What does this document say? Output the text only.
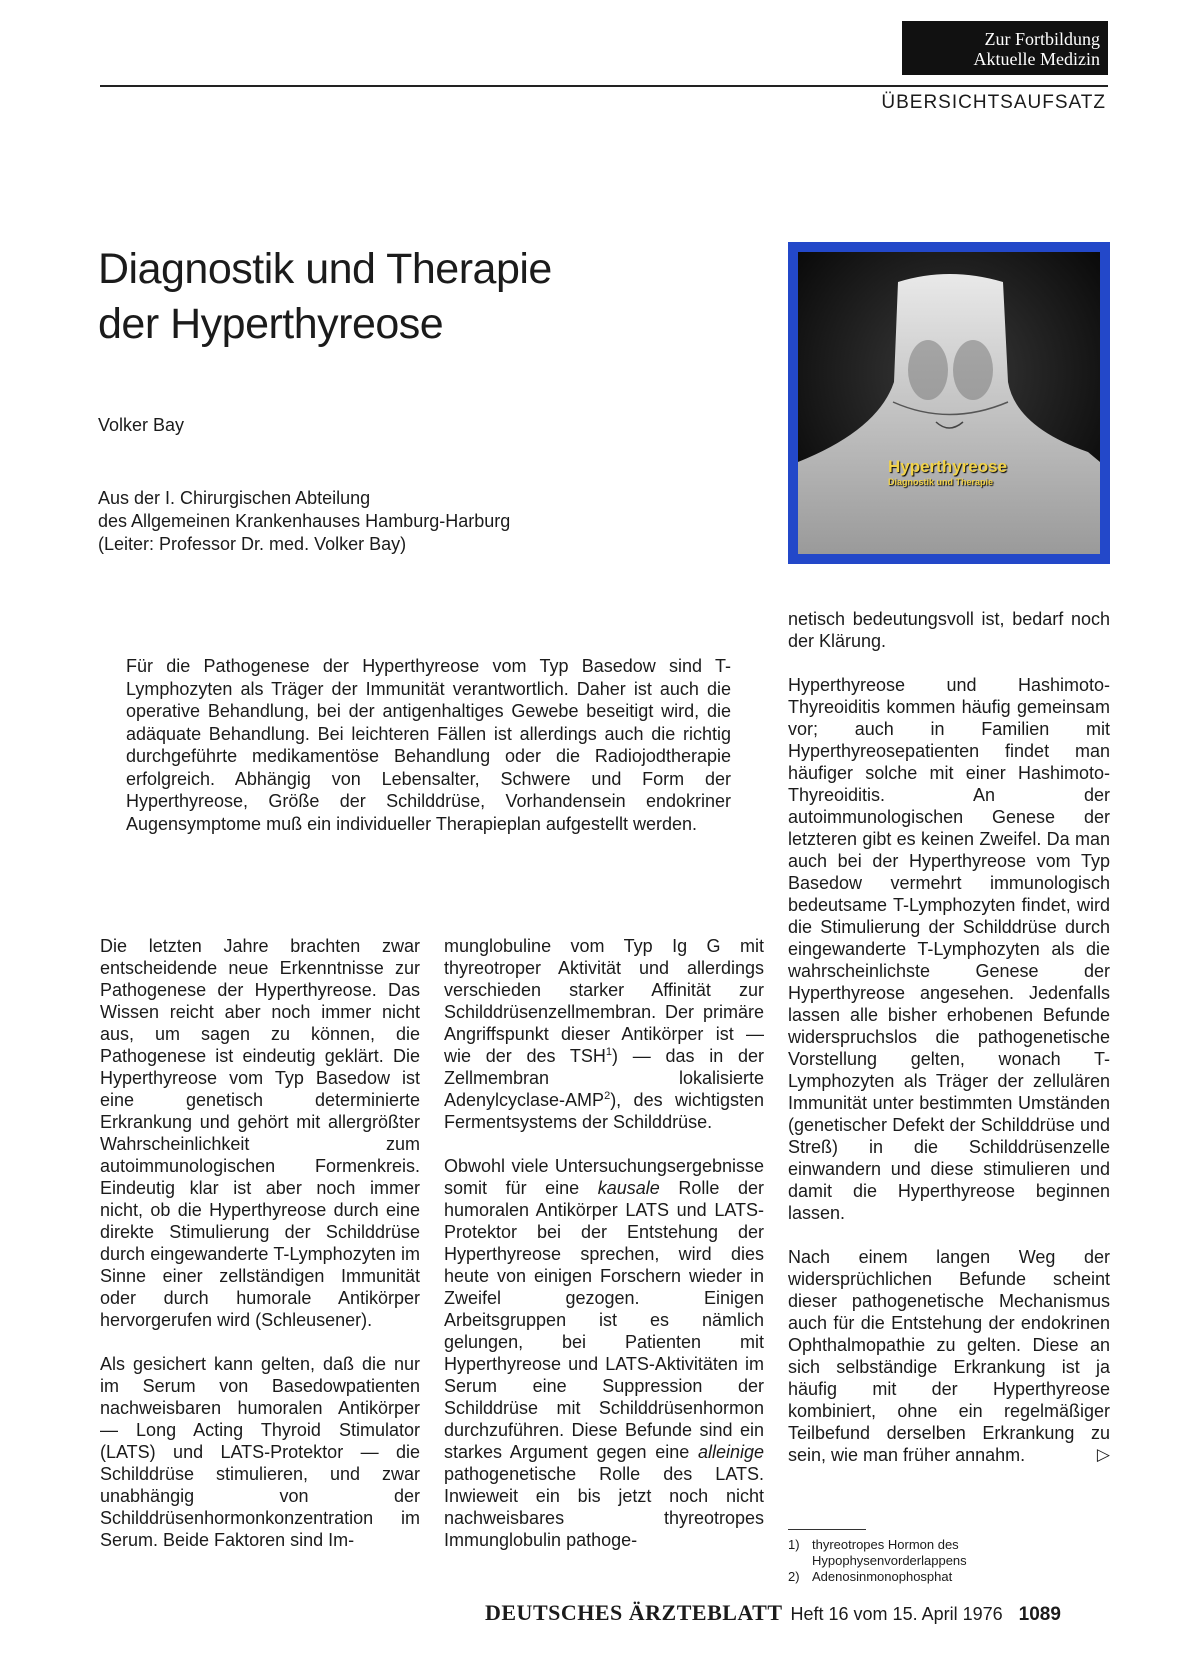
Zur Fortbildung
Aktuelle Medizin
ÜBERSICHTSAUFSATZ
Diagnostik und Therapie
der Hyperthyreose
Volker Bay
Aus der I. Chirurgischen Abteilung
des Allgemeinen Krankenhauses Hamburg-Harburg
(Leiter: Professor Dr. med. Volker Bay)
Hyperthyreose
Diagnostik und Therapie

Für die Pathogenese der Hyperthyreose vom Typ Basedow sind T-Lymphozyten als Träger der Immunität verantwortlich. Daher ist auch die operative Behandlung, bei der antigenhaltiges Gewebe beseitigt wird, die adäquate Behandlung. Bei leichteren Fällen ist allerdings auch die richtig durchgeführte medikamentöse Behandlung oder die Radiojodtherapie erfolgreich. Abhängig von Lebensalter, Schwere und Form der Hyperthyreose, Größe der Schilddrüse, Vorhandensein endokriner Augensymptome muß ein individueller Therapieplan aufgestellt werden.

Die letzten Jahre brachten zwar entscheidende neue Erkenntnisse zur Pathogenese der Hyperthyreose. Das Wissen reicht aber noch immer nicht aus, um sagen zu können, die Pathogenese ist eindeutig geklärt. Die Hyperthyreose vom Typ Basedow ist eine genetisch determinierte Erkrankung und gehört mit allergrößter Wahrscheinlichkeit zum autoimmunologischen Formenkreis. Eindeutig klar ist aber noch immer nicht, ob die Hyperthyreose durch eine direkte Stimulierung der Schilddrüse durch eingewanderte T-Lymphozyten im Sinne einer zellständigen Immunität oder durch humorale Antikörper hervorgerufen wird (Schleusener).

Als gesichert kann gelten, daß die nur im Serum von Basedowpatienten nachweisbaren humoralen Antikörper — Long Acting Thyroid Stimulator (LATS) und LATS-Protektor — die Schilddrüse stimulieren, und zwar unabhängig von der Schilddrüsenhormonkonzentration im Serum. Beide Faktoren sind Im-

munglobuline vom Typ Ig G mit thyreotroper Aktivität und allerdings verschieden starker Affinität zur Schilddrüsenzellmembran. Der primäre Angriffspunkt dieser Antikörper ist — wie der des TSH$^1$) — das in der Zellmembran lokalisierte Adenylcyclase-AMP$^2$), des wichtigsten Fermentsystems der Schilddrüse.

Obwohl viele Untersuchungsergebnisse somit für eine kausale Rolle der humoralen Antikörper LATS und LATS-Protektor bei der Entstehung der Hyperthyreose sprechen, wird dies heute von einigen Forschern wieder in Zweifel gezogen. Einigen Arbeitsgruppen ist es nämlich gelungen, bei Patienten mit Hyperthyreose und LATS-Aktivitäten im Serum eine Suppression der Schilddrüse mit Schilddrüsenhormon durchzuführen. Diese Befunde sind ein starkes Argument gegen eine alleinige pathogenetische Rolle des LATS. Inwieweit ein bis jetzt noch nicht nachweisbares thyreotropes Immunglobulin pathoge-

netisch bedeutungsvoll ist, bedarf noch der Klärung.

Hyperthyreose und Hashimoto-Thyreoiditis kommen häufig gemeinsam vor; auch in Familien mit Hyperthyreosepatienten findet man häufiger solche mit einer Hashimoto-Thyreoiditis. An der autoimmunologischen Genese der letzteren gibt es keinen Zweifel. Da man auch bei der Hyperthyreose vom Typ Basedow vermehrt immunologisch bedeutsame T-Lymphozyten findet, wird die Stimulierung der Schilddrüse durch eingewanderte T-Lymphozyten als die wahrscheinlichste Genese der Hyperthyreose angesehen. Jedenfalls lassen alle bisher erhobenen Befunde widerspruchslos die pathogenetische Vorstellung gelten, wonach T-Lymphozyten als Träger der zellulären Immunität unter bestimmten Umständen (genetischer Defekt der Schilddrüse und Streß) in die Schilddrüsenzelle einwandern und diese stimulieren und damit die Hyperthyreose beginnen lassen.

Nach einem langen Weg der widersprüchlichen Befunde scheint dieser pathogenetische Mechanismus auch für die Entstehung der endokrinen Ophthalmopathie zu gelten. Diese an sich selbständige Erkrankung ist ja häufig mit der Hyperthyreose kombiniert, ohne ein regelmäßiger Teilbefund derselben Erkrankung zu sein, wie man früher annahm.	▷

1) thyreotropes Hormon des Hypophysenvorderlappens
2) Adenosinmonophosphat
DEUTSCHES ÄRZTEBLATT Heft 16 vom 15. April 1976 1089
